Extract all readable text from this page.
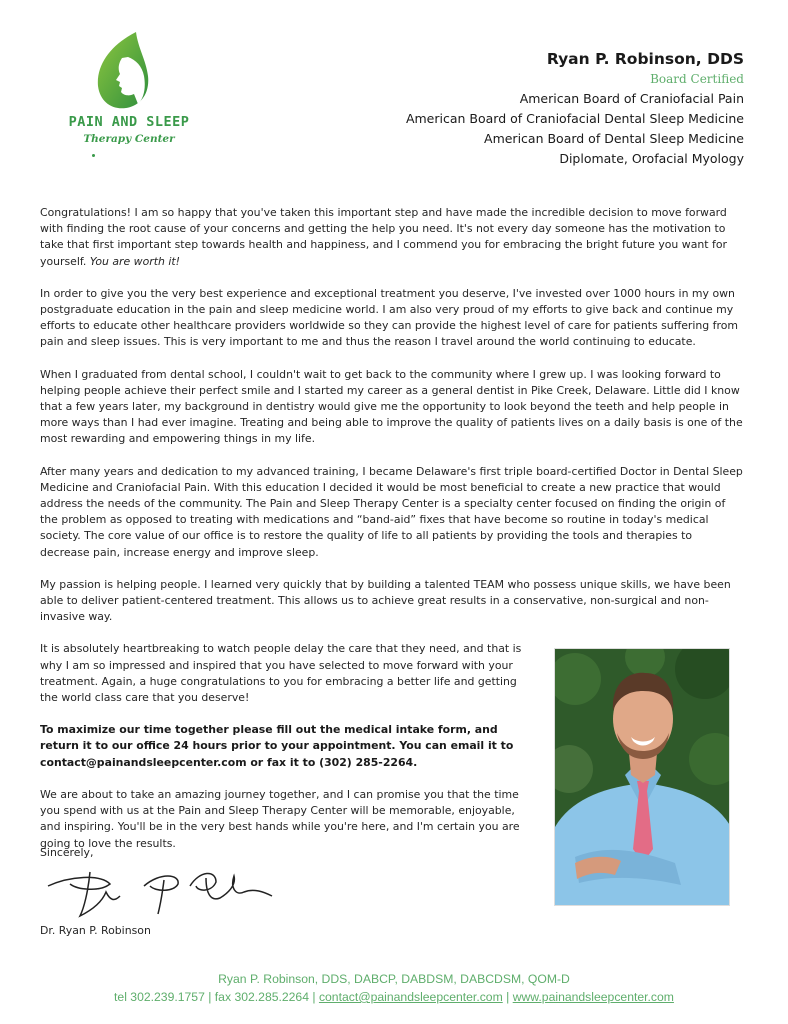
PAIN AND SLEEP
Therapy Center
Ryan P. Robinson, DDS
Board Certified
American Board of Craniofacial Pain
American Board of Craniofacial Dental Sleep Medicine
American Board of Dental Sleep Medicine
Diplomate, Orofacial Myology

Congratulations! I am so happy that you've taken this important step and have made the incredible decision to move forward with finding the root cause of your concerns and getting the help you need. It's not every day someone has the motivation to take that first important step towards health and happiness, and I commend you for embracing the bright future you want for yourself. You are worth it!

In order to give you the very best experience and exceptional treatment you deserve, I've invested over 1000 hours in my own postgraduate education in the pain and sleep medicine world. I am also very proud of my efforts to give back and continue my efforts to educate other healthcare providers worldwide so they can provide the highest level of care for patients suffering from pain and sleep issues. This is very important to me and thus the reason I travel around the world continuing to educate.

When I graduated from dental school, I couldn't wait to get back to the community where I grew up. I was looking forward to helping people achieve their perfect smile and I started my career as a general dentist in Pike Creek, Delaware. Little did I know that a few years later, my background in dentistry would give me the opportunity to look beyond the teeth and help people in more ways than I had ever imagine. Treating and being able to improve the quality of patients lives on a daily basis is one of the most rewarding and empowering things in my life.

After many years and dedication to my advanced training, I became Delaware's first triple board-certified Doctor in Dental Sleep Medicine and Craniofacial Pain. With this education I decided it would be most beneficial to create a new practice that would address the needs of the community. The Pain and Sleep Therapy Center is a specialty center focused on finding the origin of the problem as opposed to treating with medications and “band-aid” fixes that have become so routine in today's medical society. The core value of our office is to restore the quality of life to all patients by providing the tools and therapies to decrease pain, increase energy and improve sleep.

My passion is helping people. I learned very quickly that by building a talented TEAM who possess unique skills, we have been able to deliver patient-centered treatment. This allows us to achieve great results in a conservative, non-surgical and non-invasive way.

It is absolutely heartbreaking to watch people delay the care that they need, and that is why I am so impressed and inspired that you have selected to move forward with your treatment. Again, a huge congratulations to you for embracing a better life and getting the world class care that you deserve!

To maximize our time together please fill out the medical intake form, and return it to our office 24 hours prior to your appointment. You can email it to contact@painandsleepcenter.com or fax it to (302) 285-2264.

We are about to take an amazing journey together, and I can promise you that the time you spend with us at the Pain and Sleep Therapy Center will be memorable, enjoyable, and inspiring. You'll be in the very best hands while you're here, and I'm certain you are going to love the results.

Sincerely,
Dr. Ryan P. Robinson
Ryan P. Robinson, DDS, DABCP, DABDSM, DABCDSM, QOM-D
tel 302.239.1757 | fax 302.285.2264 | contact@painandsleepcenter.com | www.painandsleepcenter.com
